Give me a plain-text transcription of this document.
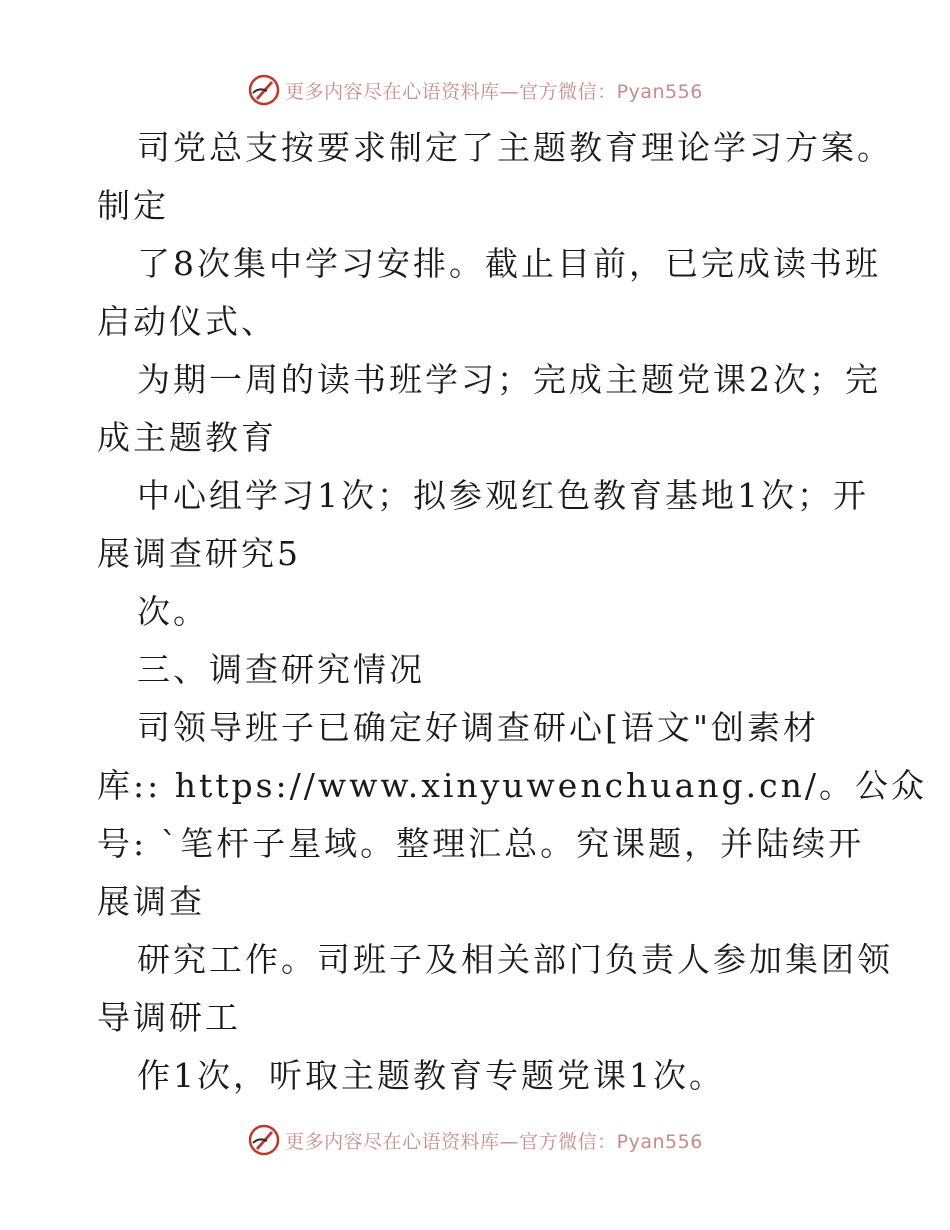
更多内容尽在心语资料库—官方微信：Pyan556
司党总支按要求制定了主题教育理论学习方案。
制定
了8次集中学习安排。截止目前，已完成读书班
启动仪式、
为期一周的读书班学习；完成主题党课2次；完
成主题教育
中心组学习1次；拟参观红色教育基地1次；开
展调查研究5
次。
三、调查研究情况
司领导班子已确定好调查研心[语文"创素材
库:: https://www.xinyuwenchuang.cn/。公众
号: `笔杆子星域。整理汇总。究课题，并陆续开
展调查
研究工作。司班子及相关部门负责人参加集团领
导调研工
作1次，听取主题教育专题党课1次。
更多内容尽在心语资料库—官方微信：Pyan556
